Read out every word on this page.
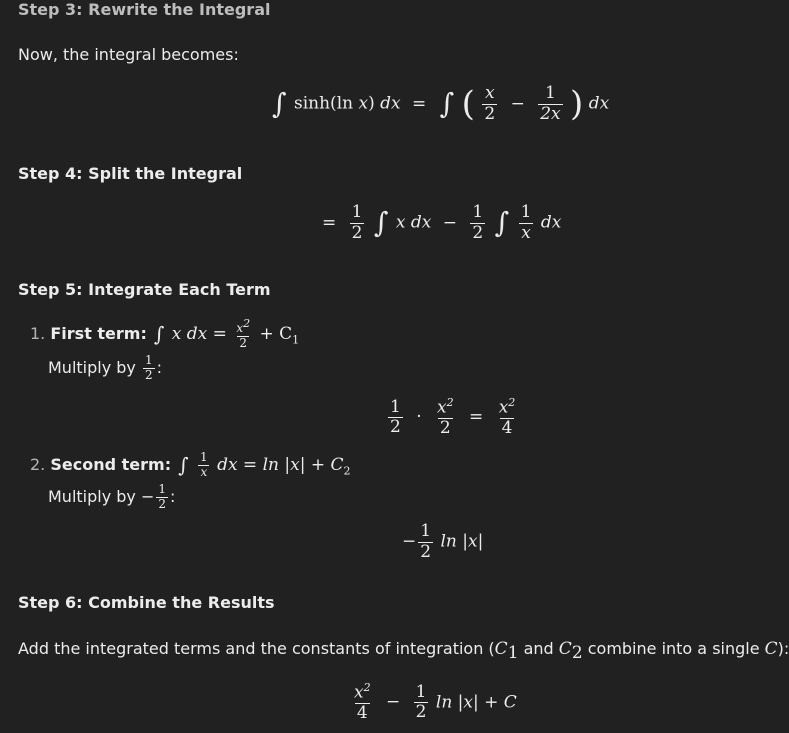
Step 3: Rewrite the Integral
Now, the integral becomes:
∫ sinh(ln x) dx = ∫ ( $\frac{x}{2} - \frac{1}{2x}$ ) dx
Step 4: Split the Integral
= $\frac{1}{2}$ ∫ x dx − $\frac{1}{2}$ ∫ $\frac{1}{x}$ dx
Step 5: Integrate Each Term
1. First term: ∫ x dx = $\frac{x^2}{2} + C_1$
Multiply by $\frac{1}{2}$ :
$\frac{1}{2} \cdot \frac{x^2}{2} = \frac{x^2}{4}$
2. Second term: ∫ $\frac{1}{x}$ dx = $\ln |x| + C_2$
Multiply by − $\frac{1}{2}$ :
− $\frac{1}{2}$ ln |x|
Step 6: Combine the Results
Add the integrated terms and the constants of integration ($C_1$ and $C_2$ combine into a single C):
$\frac{x^2}{4} - \frac{1}{2}$ ln |x| + C
